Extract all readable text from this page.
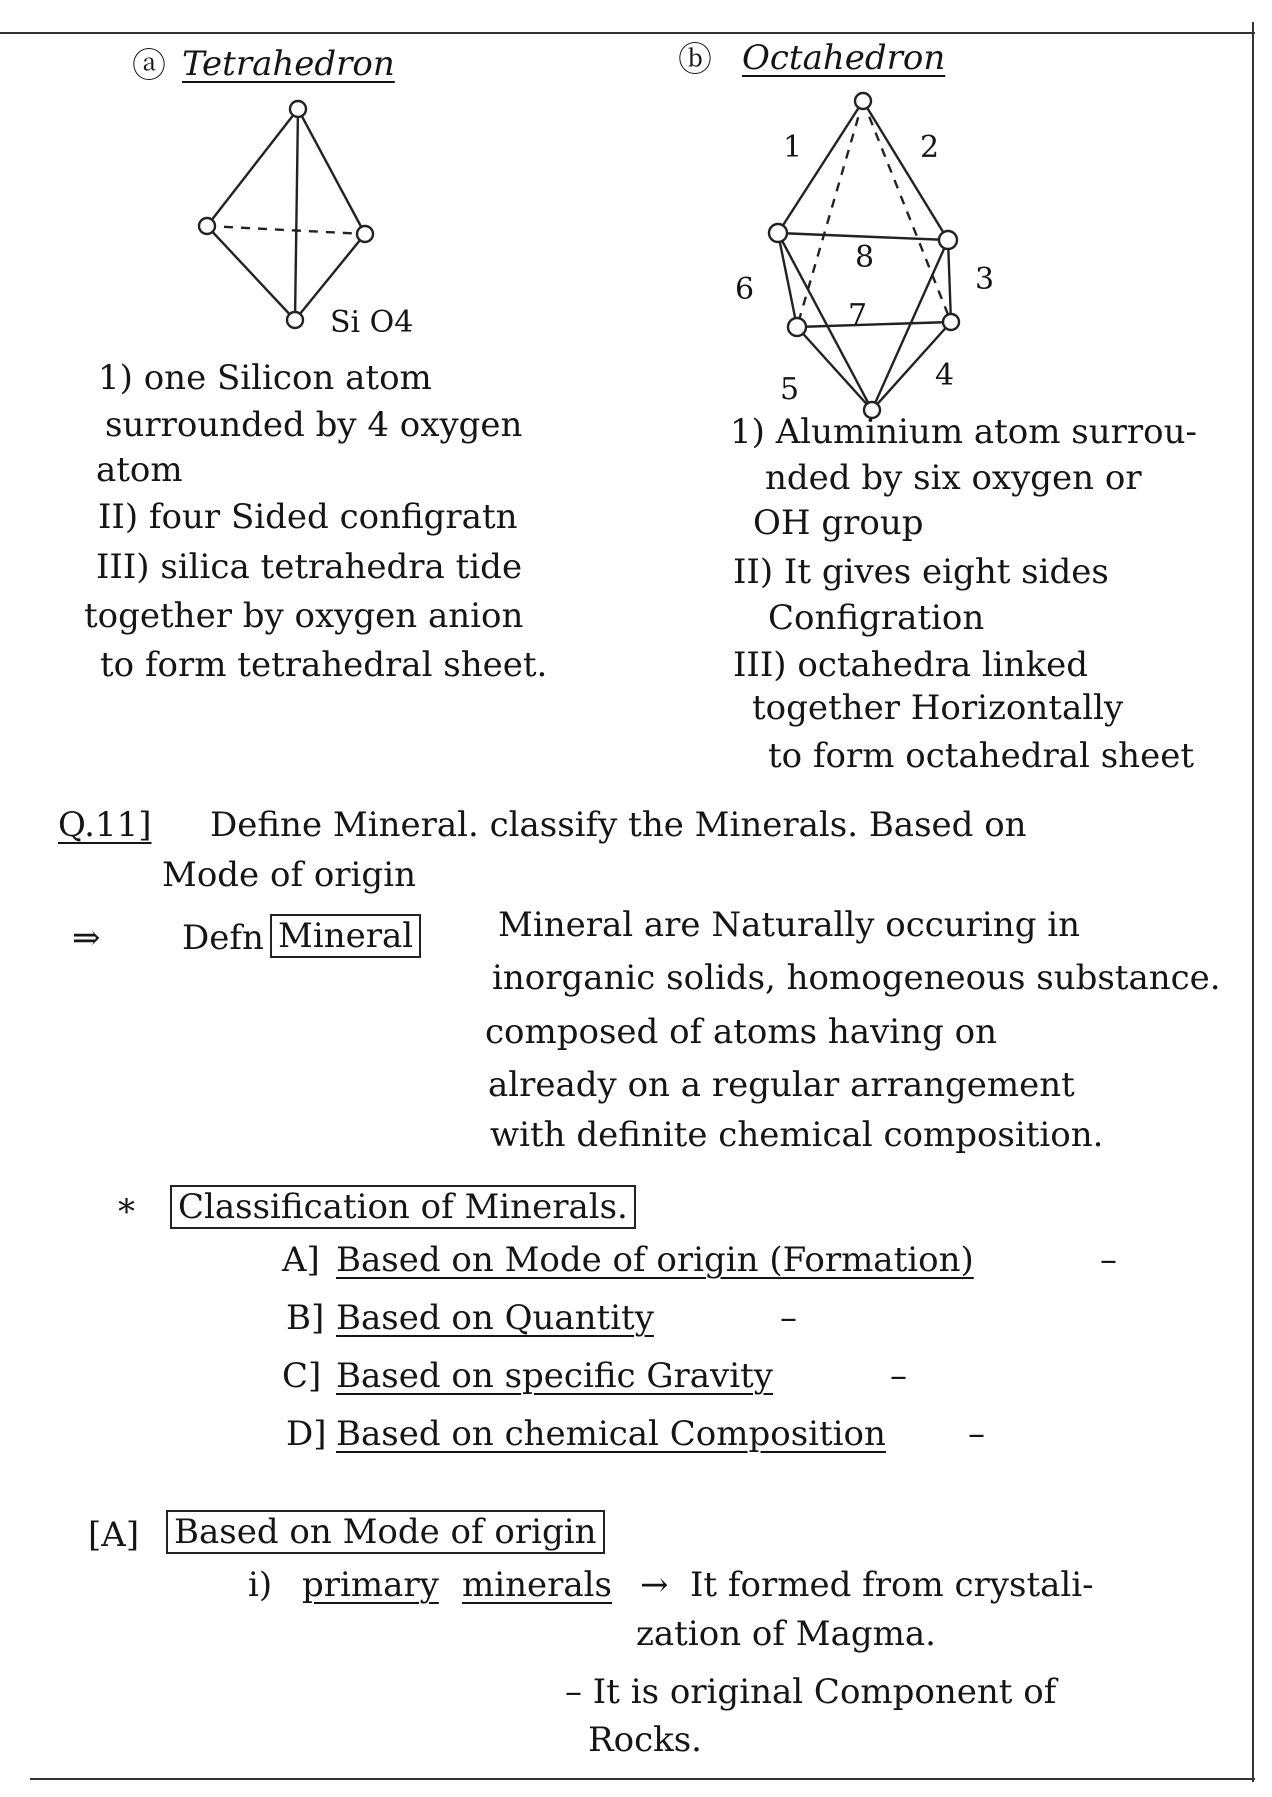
ⓐ Tetrahedron
Si O4
1) one Silicon atom
surrounded by 4 oxygen
atom
II) four Sided configratn
III) silica tetrahedra tide
together by oxygen anion
to form tetrahedral sheet.
ⓑ Octahedron
1	2
3
4
5
6
7
8
1) Aluminium atom surrou-
nded by six oxygen or
OH group
II) It gives eight sides
Configration
III) octahedra linked
together Horizontally
to form octahedral sheet
Q.11] Define Mineral. classify the Minerals. Based on
Mode of origin
⇒ Defn Mineral Mineral are Naturally occuring in
inorganic solids, homogeneous substance.
composed of atoms having on
already on a regular arrangement
with definite chemical composition.
* Classification of Minerals.
A] Based on Mode of origin (Formation)	–
B] Based on Quantity	–
C] Based on specific Gravity	–
D] Based on chemical Composition –
[A] Based on Mode of origin
i) primary minerals → It formed from crystali-
zation of Magma.
– It is original Component of
Rocks.
